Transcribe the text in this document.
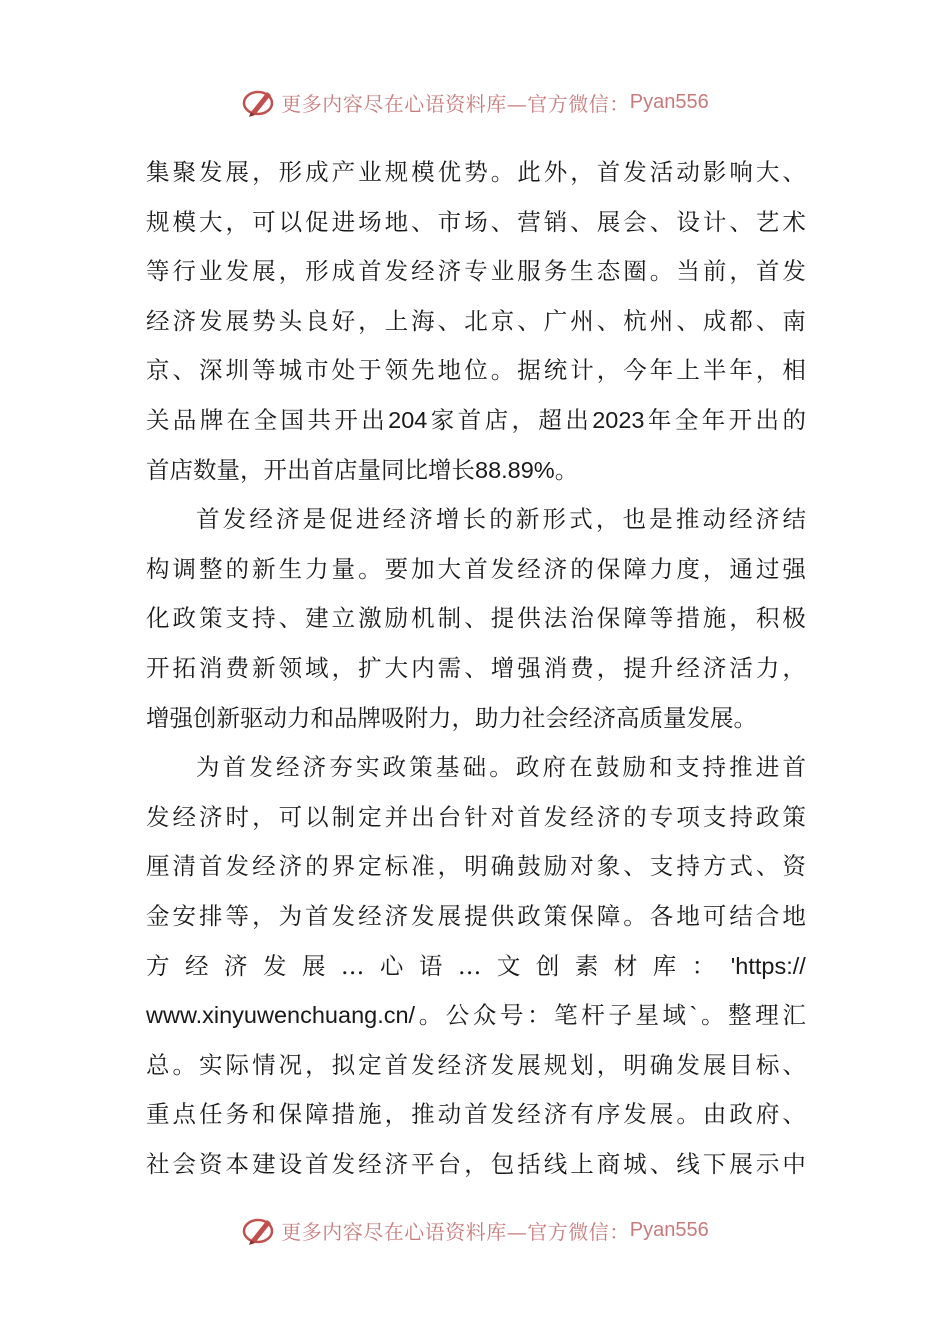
更多内容尽在心语资料库—官方微信： Pyan556
集 聚 发 展 ， 形 成 产 业 规 模 优 势 。 此 外 ， 首 发 活 动 影 响 大 、
规 模 大 ， 可 以 促 进 场 地 、 市 场 、 营 销 、 展 会 、 设 计 、 艺 术
等 行 业 发 展 ， 形 成 首 发 经 济 专 业 服 务 生 态 圈 。 当 前 ， 首 发
经 济 发 展 势 头 良 好 ， 上 海 、 北 京 、 广 州 、 杭 州 、 成 都 、 南
京 、 深 圳 等 城 市 处 于 领 先 地 位 。 据 统 计 ， 今 年 上 半 年 ， 相
关 品 牌 在 全 国 共 开 出 204 家 首 店 ， 超 出 2023 年 全 年 开 出 的
首 店 数 量 ， 开 出 首 店 量 同 比 增 长 88.89% 。
首 发 经 济 是 促 进 经 济 增 长 的 新 形 式 ， 也 是 推 动 经 济 结
构 调 整 的 新 生 力 量 。 要 加 大 首 发 经 济 的 保 障 力 度 ， 通 过 强
化 政 策 支 持 、 建 立 激 励 机 制 、 提 供 法 治 保 障 等 措 施 ， 积 极
开 拓 消 费 新 领 域 ， 扩 大 内 需 、 增 强 消 费 ， 提 升 经 济 活 力 ，
增 强 创 新 驱 动 力 和 品 牌 吸 附 力 ， 助 力 社 会 经 济 高 质 量 发 展 。
为 首 发 经 济 夯 实 政 策 基 础 。 政 府 在 鼓 励 和 支 持 推 进 首
发 经 济 时 ， 可 以 制 定 并 出 台 针 对 首 发 经 济 的 专 项 支 持 政 策
厘 清 首 发 经 济 的 界 定 标 准 ， 明 确 鼓 励 对 象 、 支 持 方 式 、 资
金 安 排 等 ， 为 首 发 经 济 发 展 提 供 政 策 保 障 。 各 地 可 结 合 地
方 经 济 发 展 … 心 语 … 文 创 素 材 库 ： 'https://
www.xinyuwenchuang.cn/ 。 公 众 号 ： 笔 杆 子 星 域 ` 。 整 理 汇
总 。 实 际 情 况 ， 拟 定 首 发 经 济 发 展 规 划 ， 明 确 发 展 目 标 、
重 点 任 务 和 保 障 措 施 ， 推 动 首 发 经 济 有 序 发 展 。 由 政 府 、
社 会 资 本 建 设 首 发 经 济 平 台 ， 包 括 线 上 商 城 、 线 下 展 示 中
更多内容尽在心语资料库—官方微信： Pyan556
